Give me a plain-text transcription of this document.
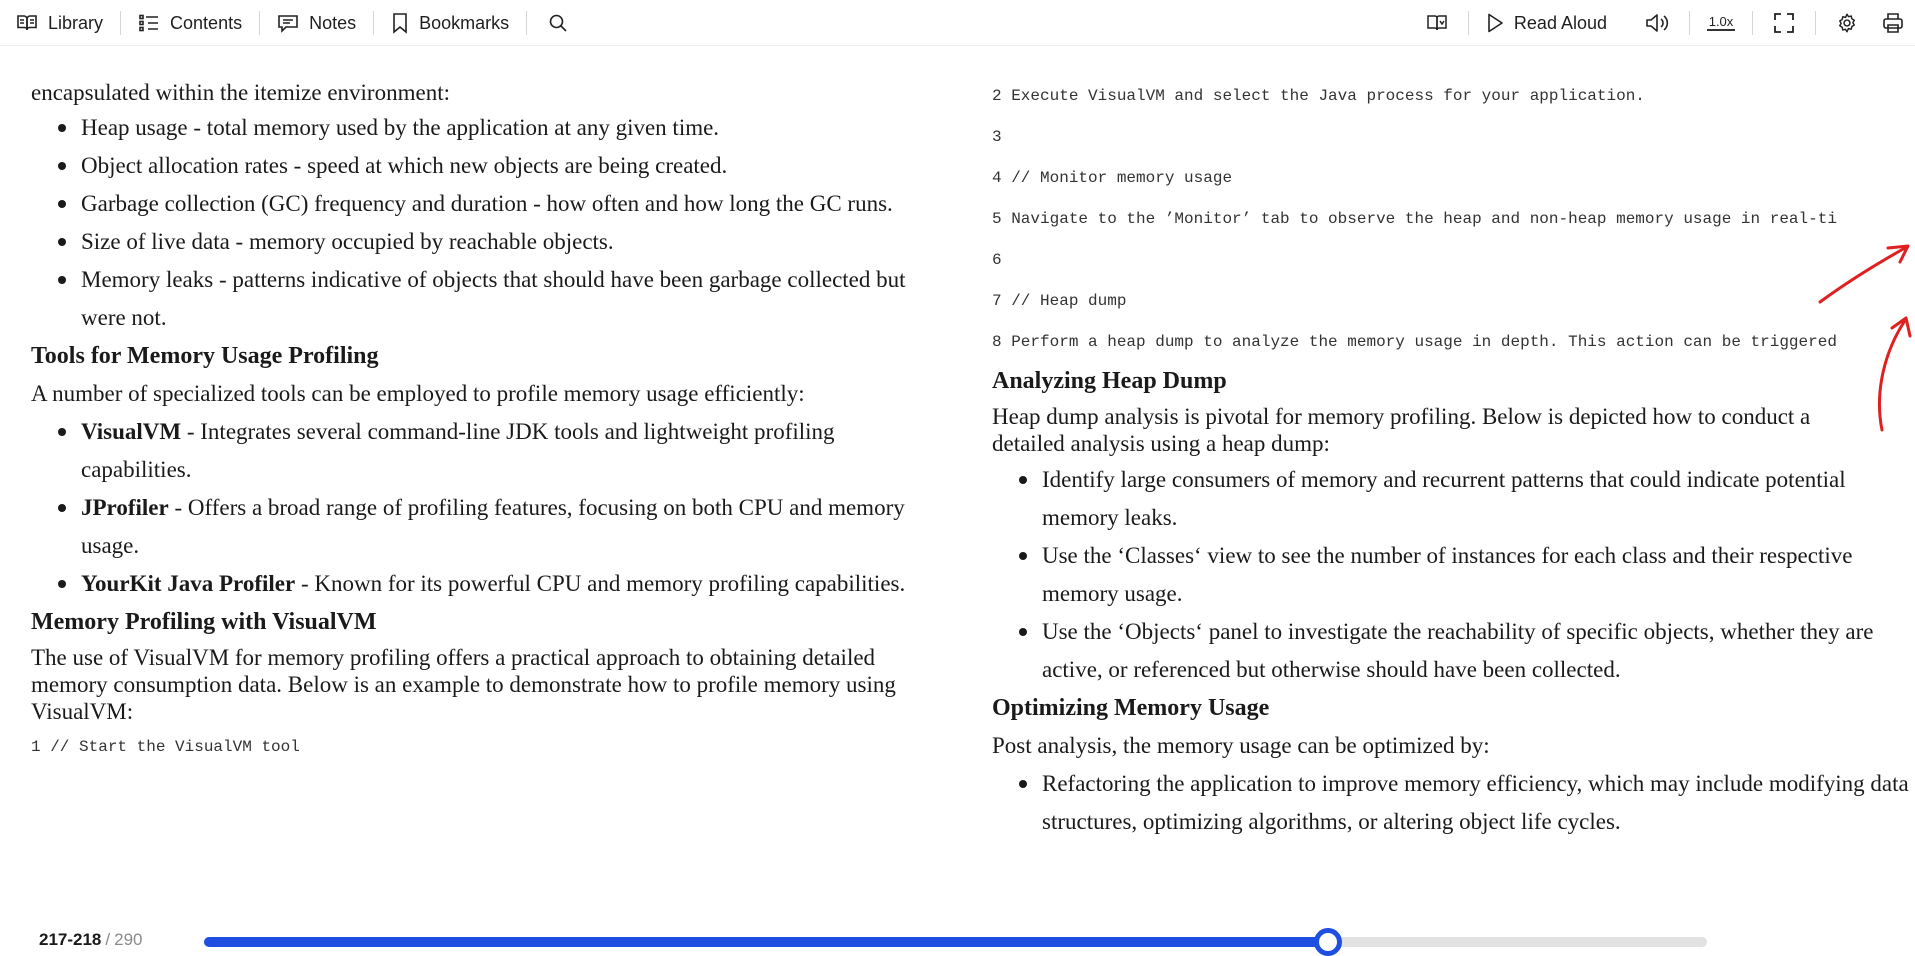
Library	Contents	Notes	Bookmarks	Read Aloud	1.0x

encapsulated within the itemize environment:

Heap usage - total memory used by the application at any given time.
Object allocation rates - speed at which new objects are being created.
Garbage collection (GC) frequency and duration - how often and how long the GC runs.
Size of live data - memory occupied by reachable objects.
Memory leaks - patterns indicative of objects that should have been garbage collected but were not.
Tools for Memory Usage Profiling

A number of specialized tools can be employed to profile memory usage efficiently:

VisualVM - Integrates several command-line JDK tools and lightweight profiling capabilities.
JProfiler - Offers a broad range of profiling features, focusing on both CPU and memory usage.
YourKit Java Profiler - Known for its powerful CPU and memory profiling capabilities.
Memory Profiling with VisualVM

The use of VisualVM for memory profiling offers a practical approach to obtaining detailed memory consumption data. Below is an example to demonstrate how to profile memory using VisualVM:

1 // Start the VisualVM tool
2 Execute VisualVM and select the Java process for your application.
3
4 // Monitor memory usage
5 Navigate to the ’Monitor’ tab to observe the heap and non-heap memory usage in real-ti
6
7 // Heap dump
8 Perform a heap dump to analyze the memory usage in depth. This action can be triggered
Analyzing Heap Dump

Heap dump analysis is pivotal for memory profiling. Below is depicted how to conduct a detailed analysis using a heap dump:

Identify large consumers of memory and recurrent patterns that could indicate potential memory leaks.
Use the ‘Classes‘ view to see the number of instances for each class and their respective memory usage.
Use the ‘Objects‘ panel to investigate the reachability of specific objects, whether they are active, or referenced but otherwise should have been collected.
Optimizing Memory Usage

Post analysis, the memory usage can be optimized by:

Refactoring the application to improve memory efficiency, which may include modifying data structures, optimizing algorithms, or altering object life cycles.
217-218 / 290
